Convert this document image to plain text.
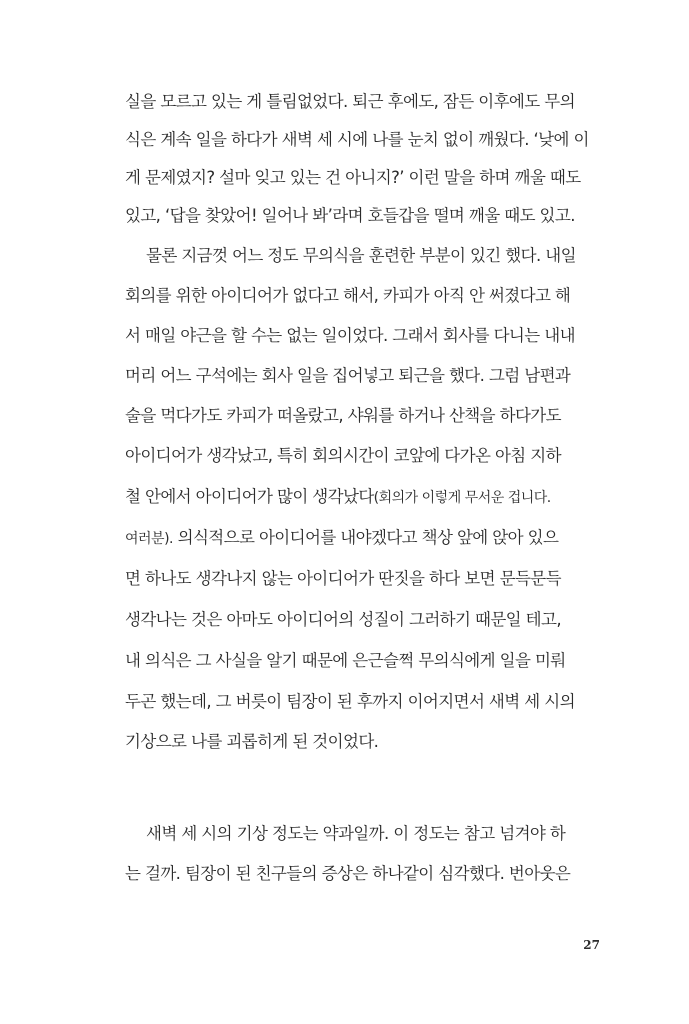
실을 모르고 있는 게 틀림없었다. 퇴근 후에도, 잠든 이후에도 무의
식은 계속 일을 하다가 새벽 세 시에 나를 눈치 없이 깨웠다. ‘낮에 이
게 문제였지? 설마 잊고 있는 건 아니지?’ 이런 말을 하며 깨울 때도
있고, ‘답을 찾았어! 일어나 봐’라며 호들갑을 떨며 깨울 때도 있고.
물론 지금껏 어느 정도 무의식을 훈련한 부분이 있긴 했다. 내일
회의를 위한 아이디어가 없다고 해서, 카피가 아직 안 써졌다고 해
서 매일 야근을 할 수는 없는 일이었다. 그래서 회사를 다니는 내내
머리 어느 구석에는 회사 일을 집어넣고 퇴근을 했다. 그럼 남편과
술을 먹다가도 카피가 떠올랐고, 샤워를 하거나 산책을 하다가도
아이디어가 생각났고, 특히 회의시간이 코앞에 다가온 아침 지하
철 안에서 아이디어가 많이 생각났다(회의가 이렇게 무서운 겁니다.
여러분). 의식적으로 아이디어를 내야겠다고 책상 앞에 앉아 있으
면 하나도 생각나지 않는 아이디어가 딴짓을 하다 보면 문득문득
생각나는 것은 아마도 아이디어의 성질이 그러하기 때문일 테고,
내 의식은 그 사실을 알기 때문에 은근슬쩍 무의식에게 일을 미뤄
두곤 했는데, 그 버릇이 팀장이 된 후까지 이어지면서 새벽 세 시의
기상으로 나를 괴롭히게 된 것이었다.
새벽 세 시의 기상 정도는 약과일까. 이 정도는 참고 넘겨야 하
는 걸까. 팀장이 된 친구들의 증상은 하나같이 심각했다. 번아웃은
27
